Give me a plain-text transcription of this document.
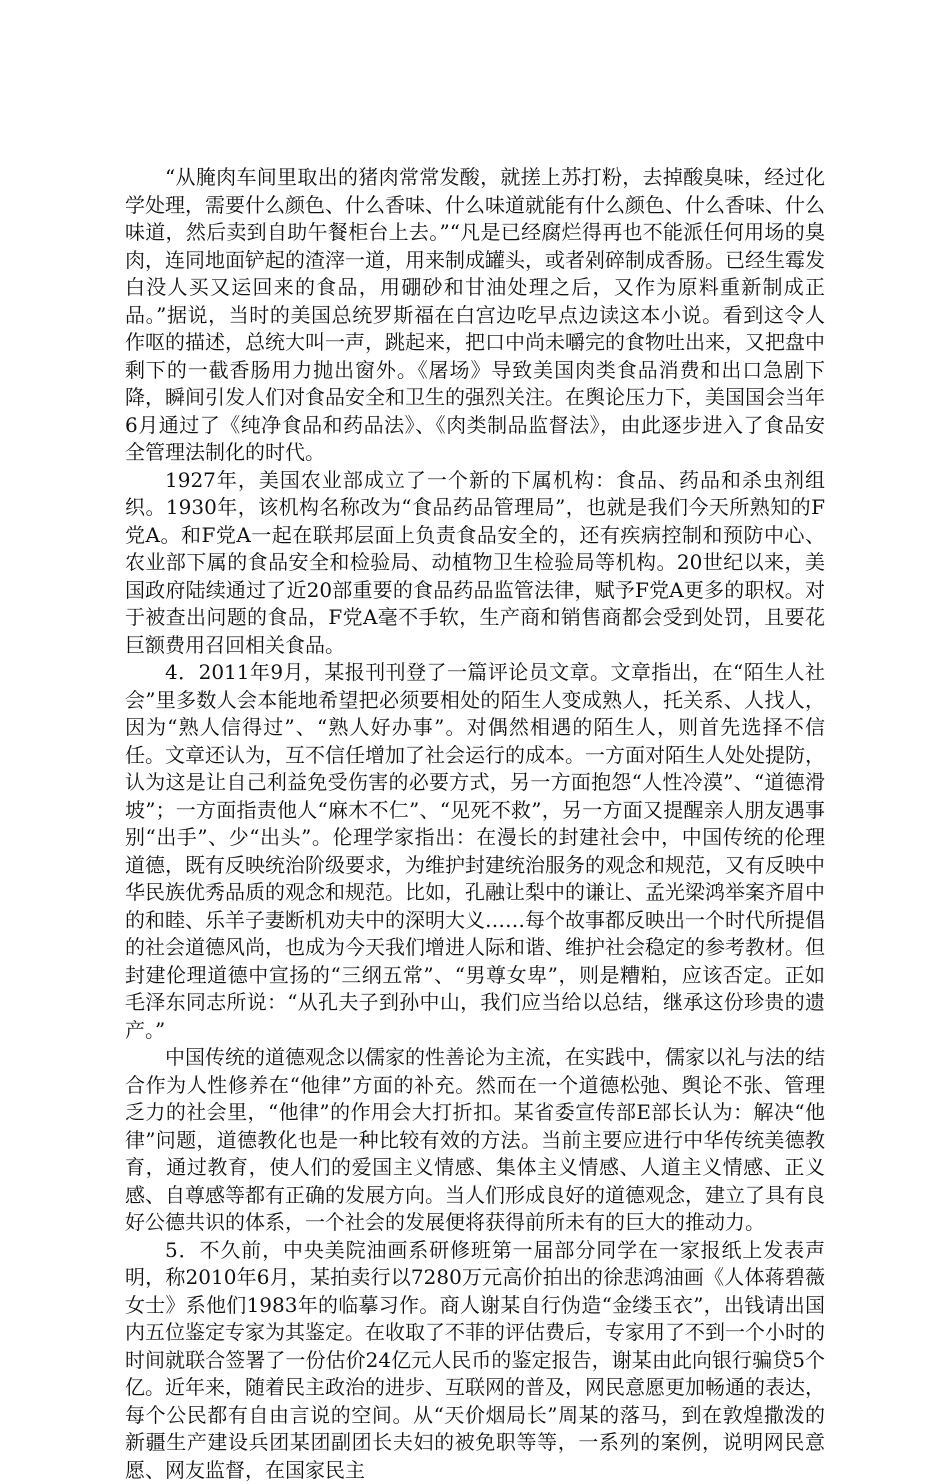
“从腌肉车间里取出的猪肉常常发酸，就搓上苏打粉，去掉酸臭味，经过化学处理，需要什么颜色、什么香味、什么味道就能有什么颜色、什么香味、什么味道，然后卖到自助午餐柜台上去。”“凡是已经腐烂得再也不能派任何用场的臭肉，连同地面铲起的渣滓一道，用来制成罐头，或者剁碎制成香肠。已经生霉发白没人买又运回来的食品，用硼砂和甘油处理之后，又作为原料重新制成正品。”据说，当时的美国总统罗斯福在白宫边吃早点边读这本小说。看到这令人作呕的描述，总统大叫一声，跳起来，把口中尚未嚼完的食物吐出来，又把盘中剩下的一截香肠用力抛出窗外。《屠场》导致美国肉类食品消费和出口急剧下降，瞬间引发人们对食品安全和卫生的强烈关注。在舆论压力下，美国国会当年6月通过了《纯净食品和药品法》、《肉类制品监督法》，由此逐步进入了食品安全管理法制化的时代。

1927年，美国农业部成立了一个新的下属机构：食品、药品和杀虫剂组织。1930年，该机构名称改为“食品药品管理局”，也就是我们今天所熟知的F党A。和F党A一起在联邦层面上负责食品安全的，还有疾病控制和预防中心、农业部下属的食品安全和检验局、动植物卫生检验局等机构。20世纪以来，美国政府陆续通过了近20部重要的食品药品监管法律，赋予F党A更多的职权。对于被查出问题的食品，F党A毫不手软，生产商和销售商都会受到处罚，且要花巨额费用召回相关食品。

4．2011年9月，某报刊刊登了一篇评论员文章。文章指出，在“陌生人社会”里多数人会本能地希望把必须要相处的陌生人变成熟人，托关系、人找人，因为“熟人信得过”、“熟人好办事”。对偶然相遇的陌生人，则首先选择不信任。文章还认为，互不信任增加了社会运行的成本。一方面对陌生人处处提防，认为这是让自己利益免受伤害的必要方式，另一方面抱怨“人性冷漠”、“道德滑坡”；一方面指责他人“麻木不仁”、“见死不救”，另一方面又提醒亲人朋友遇事别“出手”、少“出头”。伦理学家指出：在漫长的封建社会中，中国传统的伦理道德，既有反映统治阶级要求，为维护封建统治服务的观念和规范，又有反映中华民族优秀品质的观念和规范。比如，孔融让梨中的谦让、孟光梁鸿举案齐眉中的和睦、乐羊子妻断机劝夫中的深明大义……每个故事都反映出一个时代所提倡的社会道德风尚，也成为今天我们增进人际和谐、维护社会稳定的参考教材。但封建伦理道德中宣扬的“三纲五常”、“男尊女卑”，则是糟粕，应该否定。正如毛泽东同志所说：“从孔夫子到孙中山，我们应当给以总结，继承这份珍贵的遗产。”

中国传统的道德观念以儒家的性善论为主流，在实践中，儒家以礼与法的结合作为人性修养在“他律”方面的补充。然而在一个道德松弛、舆论不张、管理乏力的社会里，“他律”的作用会大打折扣。某省委宣传部E部长认为：解决“他律”问题，道德教化也是一种比较有效的方法。当前主要应进行中华传统美德教育，通过教育，使人们的爱国主义情感、集体主义情感、人道主义情感、正义感、自尊感等都有正确的发展方向。当人们形成良好的道德观念，建立了具有良好公德共识的体系，一个社会的发展便将获得前所未有的巨大的推动力。

5．不久前，中央美院油画系研修班第一届部分同学在一家报纸上发表声明，称2010年6月，某拍卖行以7280万元高价拍出的徐悲鸿油画《人体蒋碧薇女士》系他们1983年的临摹习作。商人谢某自行伪造“金缕玉衣”，出钱请出国内五位鉴定专家为其鉴定。在收取了不菲的评估费后，专家用了不到一个小时的时间就联合签署了一份估价24亿元人民币的鉴定报告，谢某由此向银行骗贷5个亿。近年来，随着民主政治的进步、互联网的普及，网民意愿更加畅通的表达，每个公民都有自由言说的空间。从“天价烟局长”周某的落马，到在敦煌撒泼的新疆生产建设兵团某团副团长夫妇的被免职等等，一系列的案例，说明网民意愿、网友监督，在国家民主
